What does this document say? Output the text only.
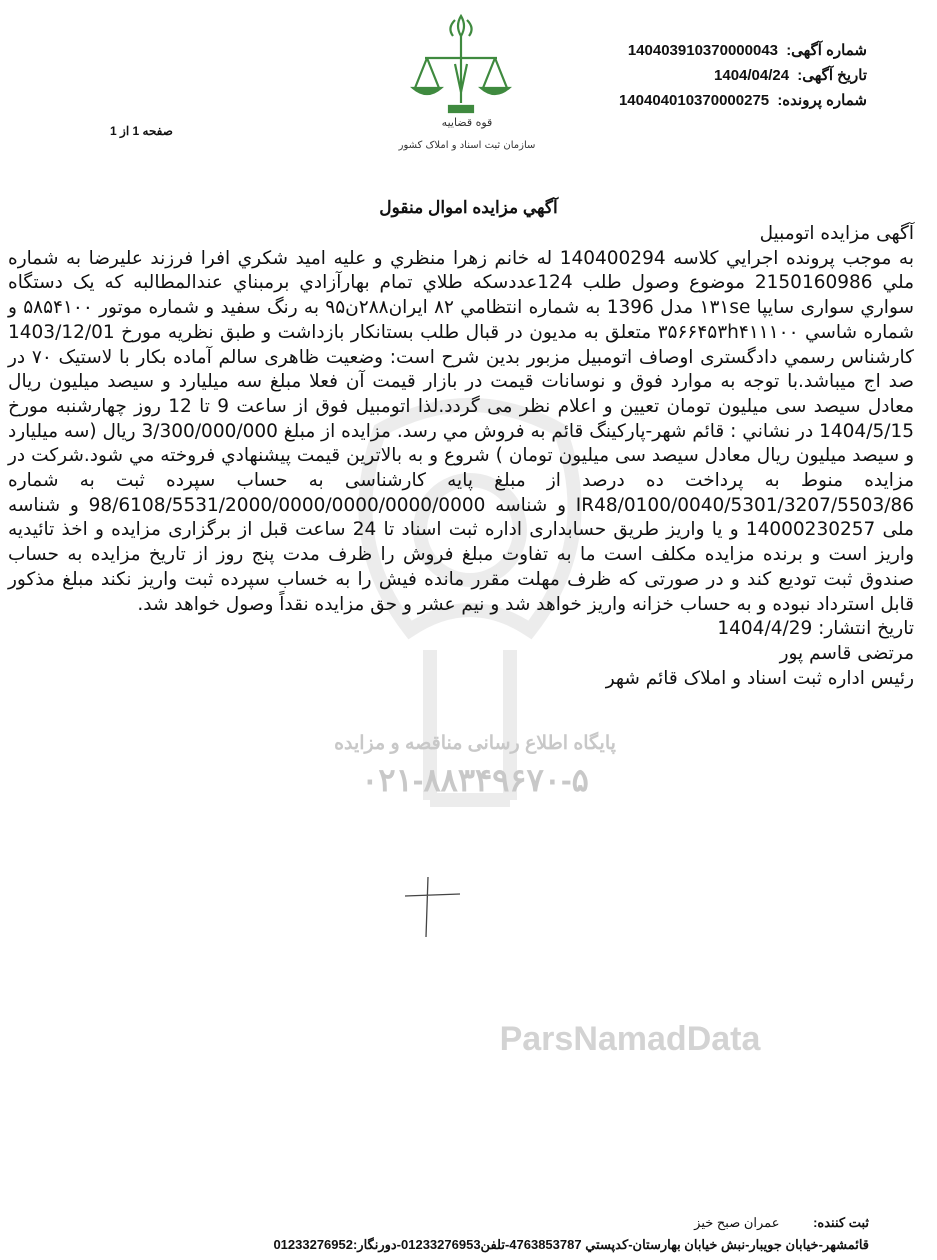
شماره آگهی: 140403910370000043
تاریخ آگهی: 1404/04/24
شماره پرونده: 140404010370000275
قوه قضاییه
سازمان ثبت اسناد و املاک کشور
صفحه 1 از 1
آگهي مزايده اموال منقول
پایگاه اطلاع رسانی مناقصه و مزایده
۰۲۱-۸۸۳۴۹۶۷۰-۵
ParsNamadData

آگهی مزایده اتومبیل

به موجب پرونده اجرايي كلاسه 140400294 له خانم زهرا منظري و عليه اميد شكري افرا فرزند عليرضا به شماره ملي 2150160986 موضوع وصول طلب 124عددسکه طلاي تمام بهارآزادي برمبناي عندالمطالبه که يک دستگاه سواري سواری سایپا ۱۳۱se مدل 1396 به شماره انتظامي ۸۲ ايران۲۸۸ن۹۵ به رنگ سفيد و شماره موتور ۵۸۵۴۱۰۰ و شماره شاسي ۳۵۶۶۴۵۳h۴۱۱۱۰۰ متعلق به مديون در قبال طلب بستانكار بازداشت و طبق نظريه مورخ 1403/12/01 كارشناس رسمي دادگستری اوصاف اتومبیل مزبور بدین شرح است: وضعیت ظاهری سالم آماده بکار با لاستیک ۷۰ در صد اج میباشد.با توجه به موارد فوق و نوسانات قیمت در بازار قیمت آن فعلا مبلغ سه میلیارد و سیصد میلیون ریال معادل سیصد سی میلیون تومان تعیین و اعلام نظر می گردد.لذا اتومبیل فوق از ساعت 9 تا 12 روز چهارشنبه مورخ 1404/5/15 در نشاني : قائم شهر-پارکینگ قائم به فروش مي رسد. مزايده از مبلغ 3/300/000/000 ريال (سه میلیارد و سیصد میلیون ریال معادل سیصد سی میلیون تومان ) شروع و به بالاترين قيمت پيشنهادي فروخته مي شود.شرکت در مزایده منوط به پرداخت ده درصد از مبلغ پایه کارشناسی به حساب سپرده ثبت به شماره IR48/0100/0040/5301/3207/5503/86 و شناسه 98/6108/5531/2000/0000/0000/0000/0000 و شناسه ملی 14000230257 و یا واریز طریق حسابداری اداره ثبت اسناد تا 24 ساعت قبل از برگزاری مزایده و اخذ تائیدیه واریز است و برنده مزایده مکلف است ما به تفاوت مبلغ فروش را ظرف مدت پنج روز از تاریخ مزایده به حساب صندوق ثبت تودیع کند و در صورتی که ظرف مهلت مقرر مانده فیش را به خساب سپرده ثبت واریز نکند مبلغ مذکور قابل استرداد نبوده و به حساب خزانه واریز خواهد شد و نیم عشر و حق مزایده نقداً وصول خواهد شد.

تاریخ انتشار: 1404/4/29

مرتضی قاسم پور

رئیس اداره ثبت اسناد و املاک قائم شهر

ثبت کننده: عمران صبح خیز
قائمشهر-خیابان جویبار-نبش خیابان بهارستان-کدپستي 4763853787-تلفن01233276953-دورنگار:01233276952
